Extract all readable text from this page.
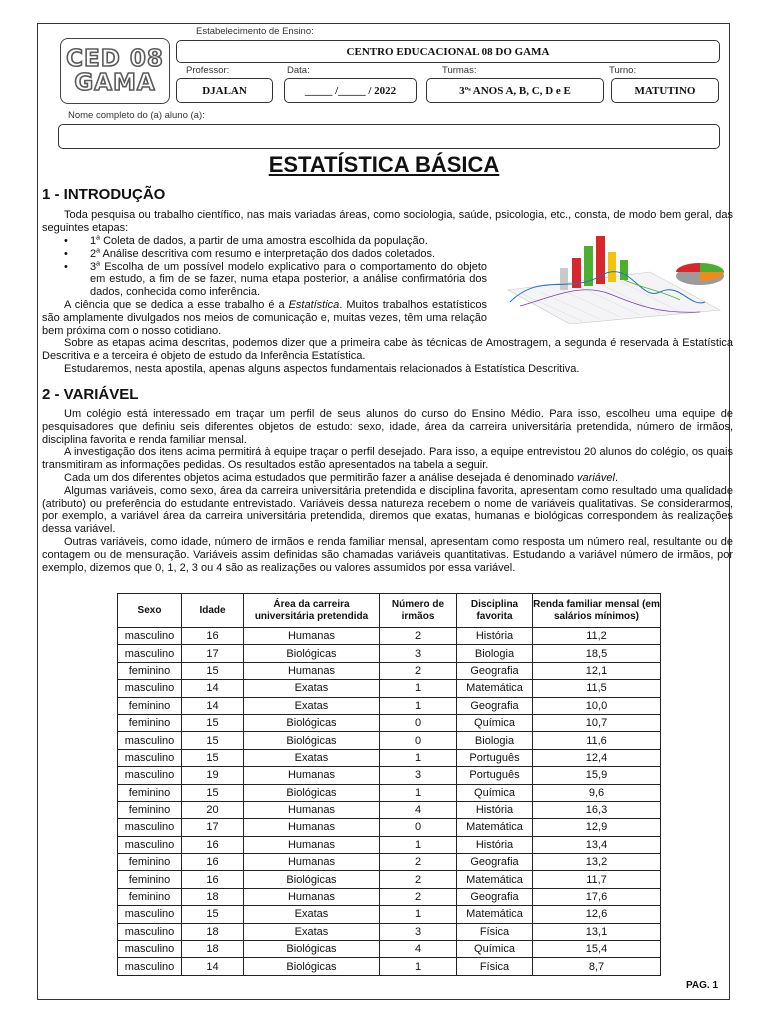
CED 08
GAMA
Estabelecimento de Ensino:
CENTRO EDUCACIONAL 08 DO GAMA
Professor:
DJALAN
Data:
_____ /_____ / 2022
Turmas:
3ºˢ ANOS A, B, C, D e E
Turno:
MATUTINO
Nome completo do (a) aluno (a):
ESTATÍSTICA BÁSICA
1 - INTRODUÇÃO

Toda pesquisa ou trabalho científico, nas mais variadas áreas, como sociologia, saúde, psicologia, etc., consta, de modo bem geral, das seguintes etapas:

• 1$^a$ Coleta de dados, a partir de uma amostra escolhida da população.
• 2$^a$ Análise descritiva com resumo e interpretação dos dados coletados.
• 3$^a$ Escolha de um possível modelo explicativo para o comportamento do objeto em estudo, a fim de se fazer, numa etapa posterior, a análise confirmatória dos dados, conhecida como inferência.

A ciência que se dedica a esse trabalho é a Estatística. Muitos trabalhos estatísticos são amplamente divulgados nos meios de comunicação e, muitas vezes, têm uma relação bem próxima com o nosso cotidiano.

Sobre as etapas acima descritas, podemos dizer que a primeira cabe às técnicas de Amostragem, a segunda é reservada à Estatística Descritiva e a terceira é objeto de estudo da Inferência Estatística.

Estudaremos, nesta apostila, apenas alguns aspectos fundamentais relacionados à Estatística Descritiva.

2 - VARIÁVEL

Um colégio está interessado em traçar um perfil de seus alunos do curso do Ensino Médio. Para isso, escolheu uma equipe de pesquisadores que definiu seis diferentes objetos de estudo: sexo, idade, área da carreira universitária pretendida, número de irmãos, disciplina favorita e renda familiar mensal.

A investigação dos itens acima permitirá à equipe traçar o perfil desejado. Para isso, a equipe entrevistou 20 alunos do colégio, os quais transmitiram as informações pedidas. Os resultados estão apresentados na tabela a seguir.

Cada um dos diferentes objetos acima estudados que permitirão fazer a análise desejada é denominado variável.

Algumas variáveis, como sexo, área da carreira universitária pretendida e disciplina favorita, apresentam como resultado uma qualidade (atributo) ou preferência do estudante entrevistado. Variáveis dessa natureza recebem o nome de variáveis qualitativas. Se considerarmos, por exemplo, a variável área da carreira universitária pretendida, diremos que exatas, humanas e biológicas correspondem às realizações dessa variável.

Outras variáveis, como idade, número de irmãos e renda familiar mensal, apresentam como resposta um número real, resultante ou de contagem ou de mensuração. Variáveis assim definidas são chamadas variáveis quantitativas. Estudando a variável número de irmãos, por exemplo, dizemos que 0, 1, 2, 3 ou 4 são as realizações ou valores assumidos por essa variável.

Sexo	Idade	Área da carreira universitária pretendida	Número de irmãos	Disciplina favorita	Renda familiar mensal (em salários mínimos)
masculino	16	Humanas	2	História	11,2
masculino	17	Biológicas	3	Biologia	18,5
feminino	15	Humanas	2	Geografia	12,1
masculino	14	Exatas	1	Matemática	11,5
feminino	14	Exatas	1	Geografia	10,0
feminino	15	Biológicas	0	Química	10,7
masculino	15	Biológicas	0	Biologia	11,6
masculino	15	Exatas	1	Português	12,4
masculino	19	Humanas	3	Português	15,9
feminino	15	Biológicas	1	Química	9,6
feminino	20	Humanas	4	História	16,3
masculino	17	Humanas	0	Matemática	12,9
masculino	16	Humanas	1	História	13,4
feminino	16	Humanas	2	Geografia	13,2
feminino	16	Biológicas	2	Matemática	11,7
feminino	18	Humanas	2	Geografia	17,6
masculino	15	Exatas	1	Matemática	12,6
masculino	18	Exatas	3	Física	13,1
masculino	18	Biológicas	4	Química	15,4
masculino	14	Biológicas	1	Física	8,7
PAG. 1
